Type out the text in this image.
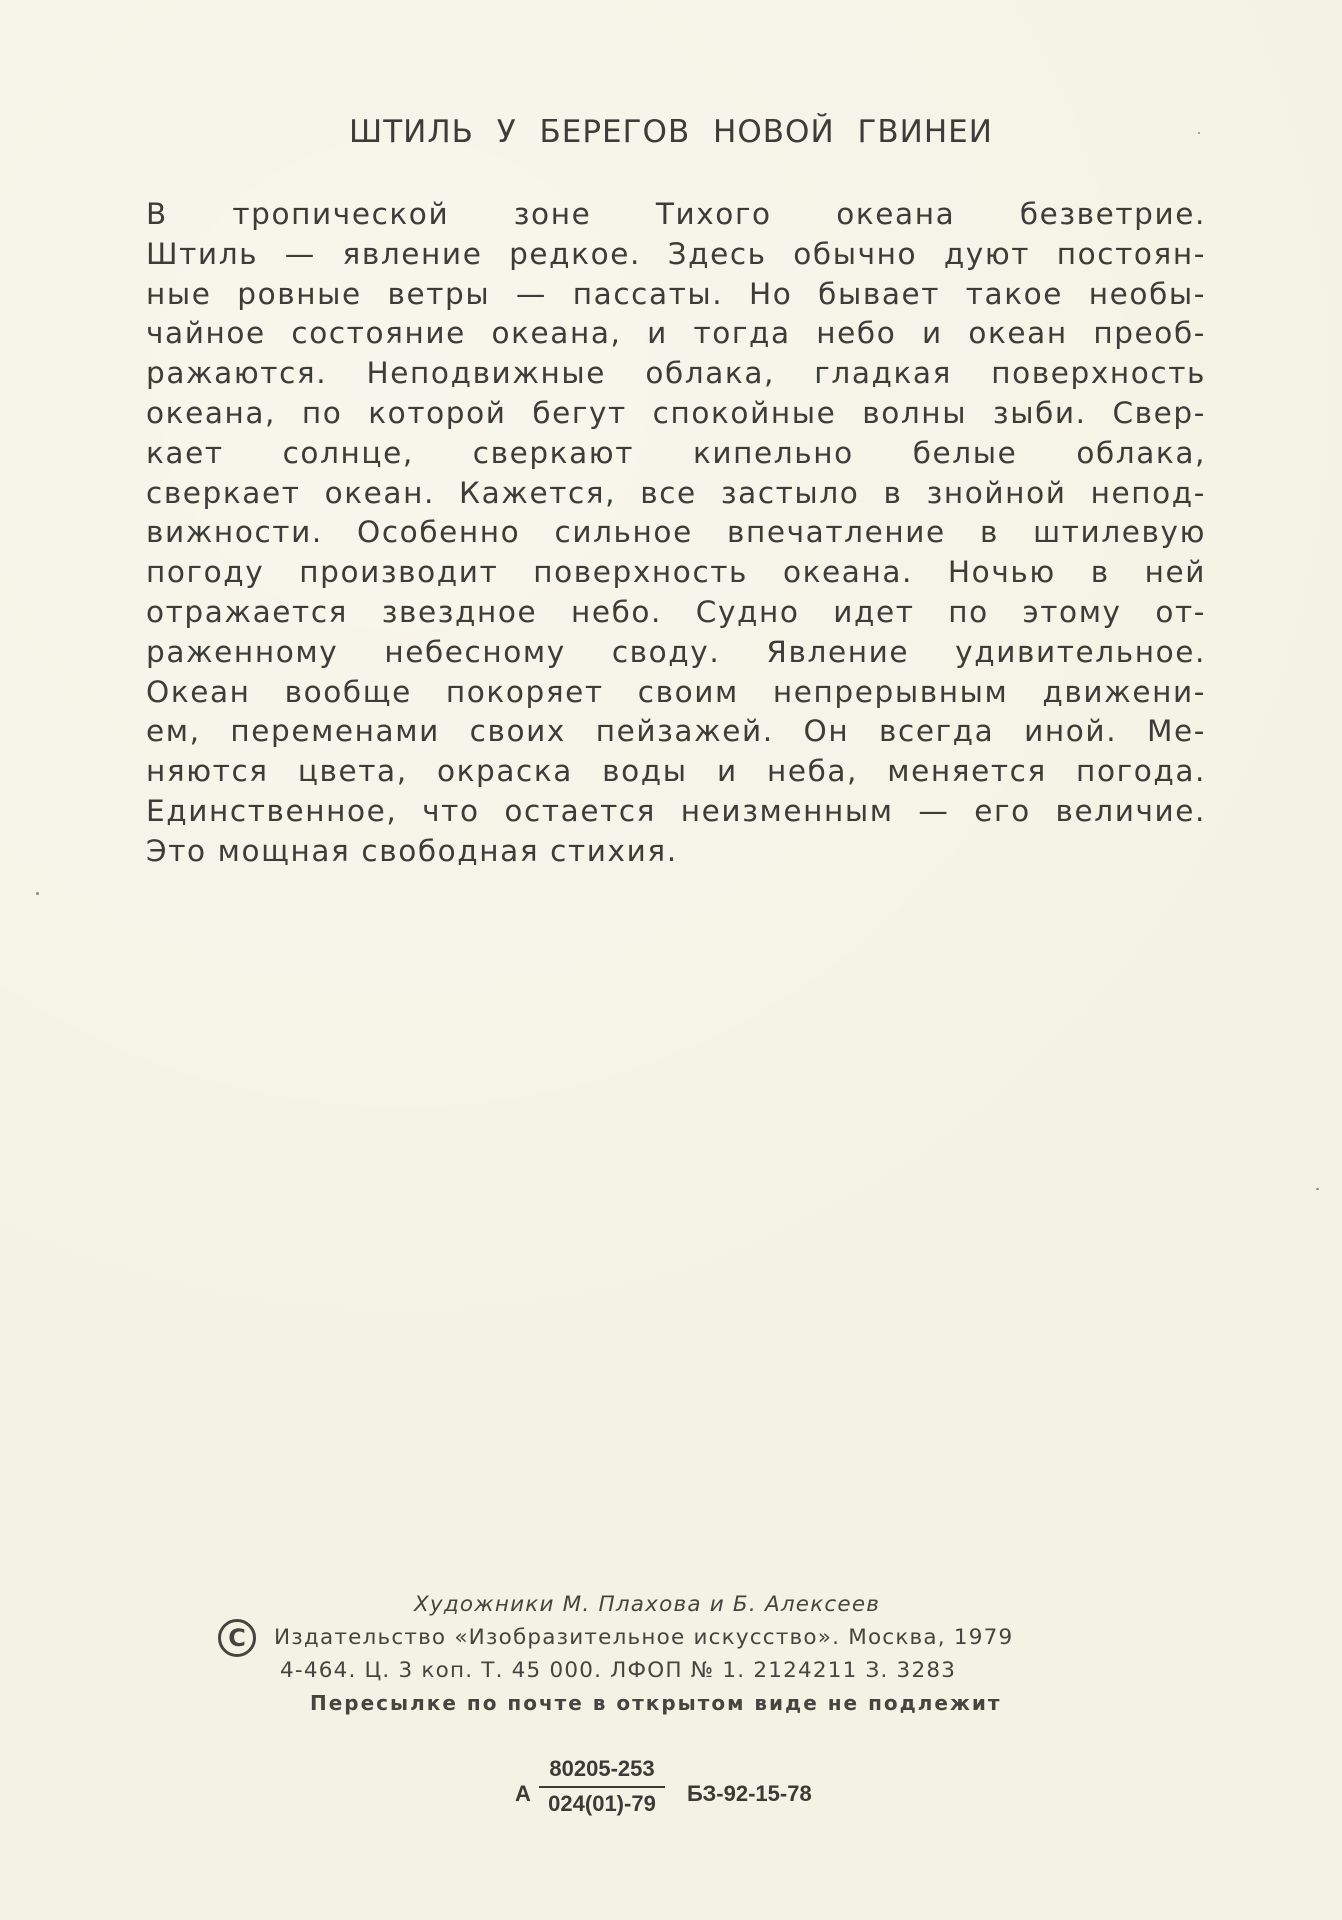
ШТИЛЬ У БЕРЕГОВ НОВОЙ ГВИНЕИ
В тропической зоне Тихого океана безветрие.
Штиль — явление редкое. Здесь обычно дуют постоян-
ные ровные ветры — пассаты. Но бывает такое необы-
чайное состояние океана, и тогда небо и океан преоб-
ражаются. Неподвижные облака, гладкая поверхность
океана, по которой бегут спокойные волны зыби. Свер-
кает солнце, сверкают кипельно белые облака,
сверкает океан. Кажется, все застыло в знойной непод-
вижности. Особенно сильное впечатление в штилевую
погоду производит поверхность океана. Ночью в ней
отражается звездное небо. Судно идет по этому от-
раженному небесному своду. Явление удивительное.
Океан вообще покоряет своим непрерывным движени-
ем, переменами своих пейзажей. Он всегда иной. Ме-
няются цвета, окраска воды и неба, меняется погода.
Единственное, что остается неизменным — его величие.
Это мощная свободная стихия.
Художники М. Плахова и Б. Алексеев
C	Издательство «Изобразительное искусство». Москва, 1979
4-464. Ц. 3 коп. Т. 45 000. ЛФОП № 1. 2124211 З. 3283
Пересылке по почте в открытом виде не подлежит
А $\frac{80205-253}{024(01)-79} БЗ-92-15-78$
